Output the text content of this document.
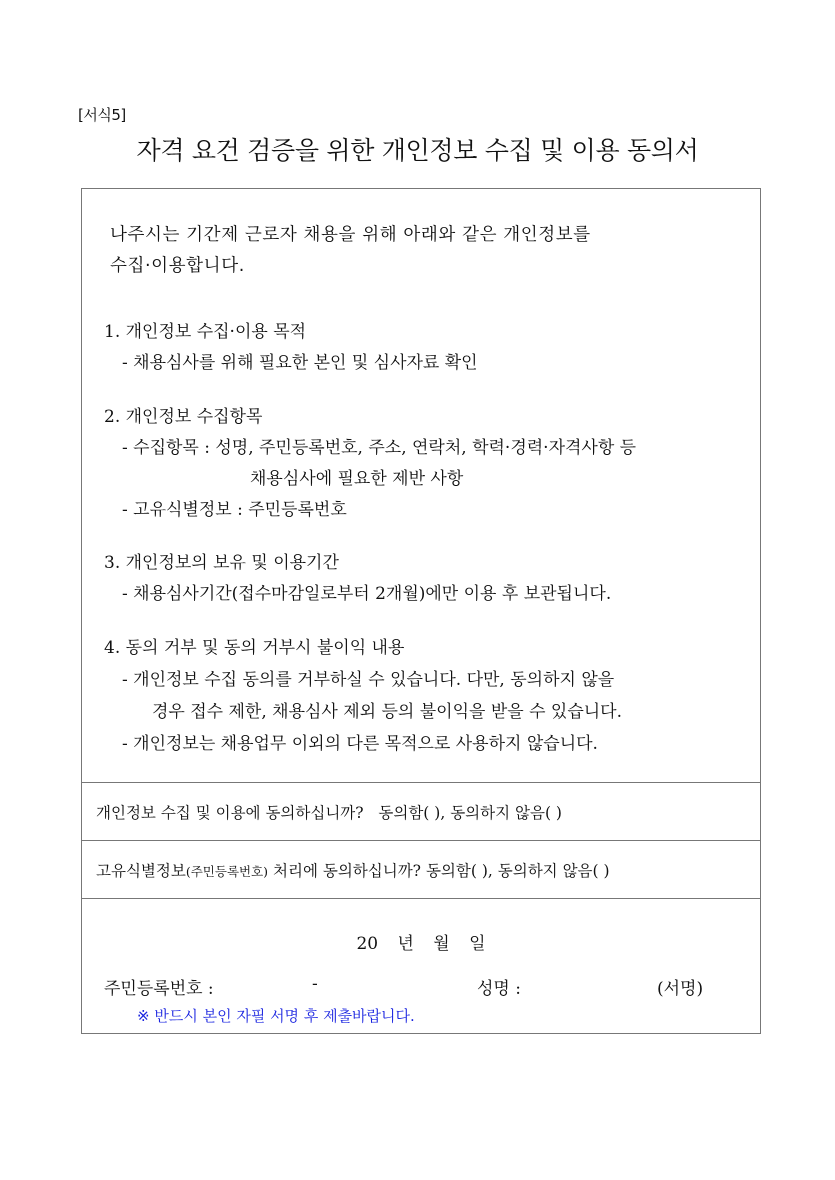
[서식5]
자격 요건 검증을 위한 개인정보 수집 및 이용 동의서
나주시는 기간제 근로자 채용을 위해 아래와 같은 개인정보를
수집·이용합니다.
1. 개인정보 수집·이용 목적
- 채용심사를 위해 필요한 본인 및 심사자료 확인
2. 개인정보 수집항목
- 수집항목 : 성명, 주민등록번호, 주소, 연락처, 학력·경력·자격사항 등
채용심사에 필요한 제반 사항
- 고유식별정보 : 주민등록번호
3. 개인정보의 보유 및 이용기간
- 채용심사기간(접수마감일로부터 2개월)에만 이용 후 보관됩니다.
4. 동의 거부 및 동의 거부시 불이익 내용
- 개인정보 수집 동의를 거부하실 수 있습니다. 다만, 동의하지 않을
경우 접수 제한, 채용심사 제외 등의 불이익을 받을 수 있습니다.
- 개인정보는 채용업무 이외의 다른 목적으로 사용하지 않습니다.
개인정보 수집 및 이용에 동의하십니까? 동의함( ), 동의하지 않음( )
고유식별정보(주민등록번호) 처리에 동의하십니까? 동의함( ), 동의하지 않음( )
20 년 월 일
주민등록번호 :	-	성명 :	(서명)
※ 반드시 본인 자필 서명 후 제출바랍니다.
